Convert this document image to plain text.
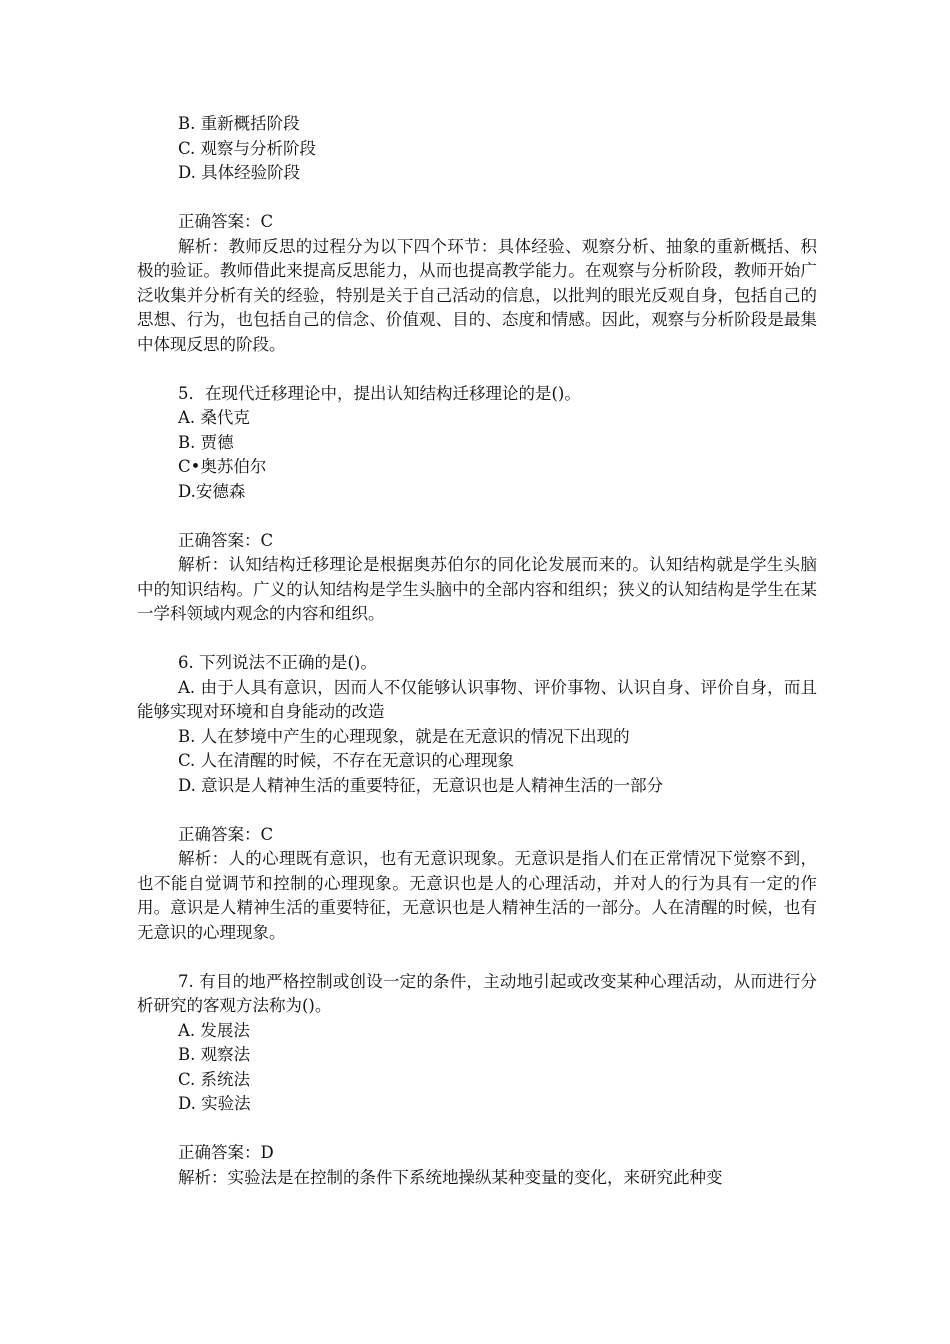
B. 重新概括阶段
C. 观察与分析阶段
D. 具体经验阶段
正确答案：C

解析：教师反思的过程分为以下四个环节：具体经验、观察分析、抽象的重新概括、积极的验证。教师借此来提高反思能力，从而也提高教学能力。在观察与分析阶段，教师开始广泛收集并分析有关的经验，特别是关于自己活动的信息，以批判的眼光反观自身，包括自己的思想、行为，也包括自己的信念、价值观、目的、态度和情感。因此，观察与分析阶段是最集中体现反思的阶段。

5．在现代迁移理论中，提出认知结构迁移理论的是()。
A. 桑代克
B. 贾德
C•奥苏伯尔
D.安德森
正确答案：C

解析：认知结构迁移理论是根据奥苏伯尔的同化论发展而来的。认知结构就是学生头脑中的知识结构。广义的认知结构是学生头脑中的全部内容和组织；狭义的认知结构是学生在某一学科领域内观念的内容和组织。

6. 下列说法不正确的是()。

A. 由于人具有意识，因而人不仅能够认识事物、评价事物、认识自身、评价自身，而且能够实现对环境和自身能动的改造

B. 人在梦境中产生的心理现象，就是在无意识的情况下出现的
C. 人在清醒的时候，不存在无意识的心理现象
D. 意识是人精神生活的重要特征，无意识也是人精神生活的一部分
正确答案：C

解析：人的心理既有意识，也有无意识现象。无意识是指人们在正常情况下觉察不到，也不能自觉调节和控制的心理现象。无意识也是人的心理活动，并对人的行为具有一定的作用。意识是人精神生活的重要特征，无意识也是人精神生活的一部分。人在清醒的时候，也有无意识的心理现象。

7. 有目的地严格控制或创设一定的条件，主动地引起或改变某种心理活动，从而进行分析研究的客观方法称为()。

A. 发展法
B. 观察法
C. 系统法
D. 实验法
正确答案：D

解析：实验法是在控制的条件下系统地操纵某种变量的变化，来研究此种变
